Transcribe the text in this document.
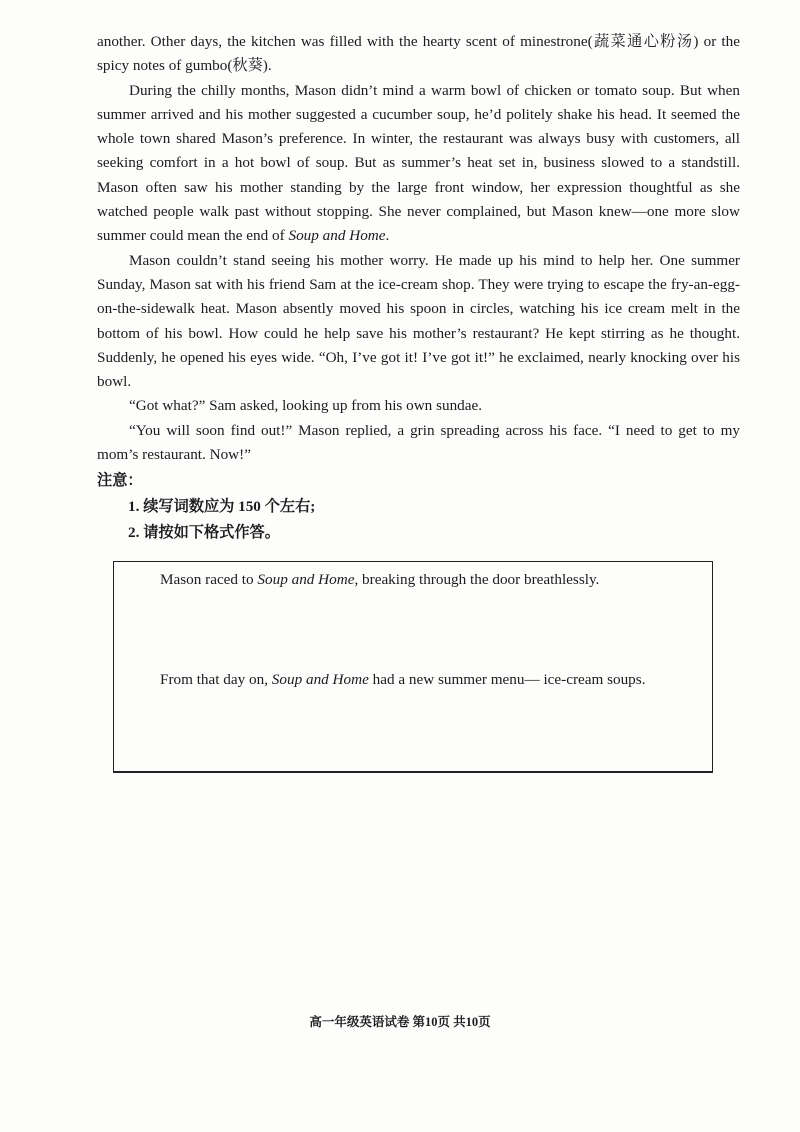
another. Other days, the kitchen was filled with the hearty scent of minestrone(蔬菜通心粉汤) or the spicy notes of gumbo(秋葵).

During the chilly months, Mason didn’t mind a warm bowl of chicken or tomato soup. But when summer arrived and his mother suggested a cucumber soup, he’d politely shake his head. It seemed the whole town shared Mason’s preference. In winter, the restaurant was always busy with customers, all seeking comfort in a hot bowl of soup. But as summer’s heat set in, business slowed to a standstill. Mason often saw his mother standing by the large front window, her expression thoughtful as she watched people walk past without stopping. She never complained, but Mason knew—one more slow summer could mean the end of Soup and Home.

Mason couldn’t stand seeing his mother worry. He made up his mind to help her. One summer Sunday, Mason sat with his friend Sam at the ice-cream shop. They were trying to escape the fry-an-egg-on-the-sidewalk heat. Mason absently moved his spoon in circles, watching his ice cream melt in the bottom of his bowl. How could he help save his mother’s restaurant? He kept stirring as he thought. Suddenly, he opened his eyes wide. “Oh, I’ve got it! I’ve got it!” he exclaimed, nearly knocking over his bowl.

“Got what?” Sam asked, looking up from his own sundae.

“You will soon find out!” Mason replied, a grin spreading across his face. “I need to get to my mom’s restaurant. Now!”

注意：
1. 续写词数应为 150 个左右;
2. 请按如下格式作答。
Mason raced to Soup and Home, breaking through the door breathlessly.
From that day on, Soup and Home had a new summer menu— ice-cream soups.
高一年级英语试卷 第10页 共10页
